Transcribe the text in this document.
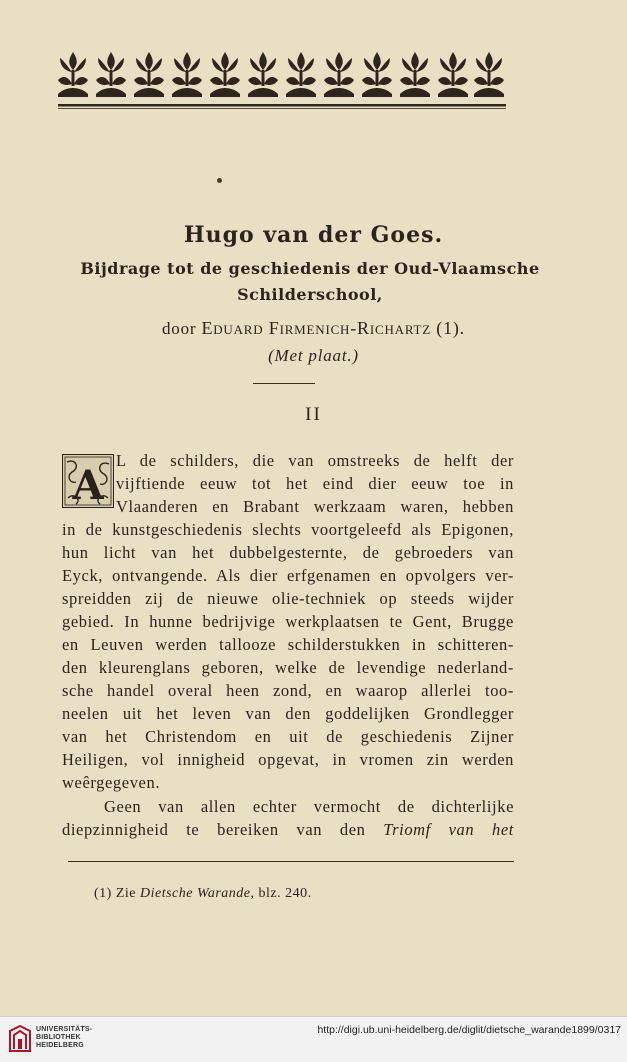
Hugo van der Goes.
Bijdrage tot de geschiedenis der Oud-Vlaamsche
Schilderschool,
door Eduard Firmenich-Richartz (1).
(Met plaat.)
II
A
L de schilders, die van omstreeks de helft der
vijftiende eeuw tot het eind dier eeuw toe in
Vlaanderen en Brabant werkzaam waren, hebben
in de kunstgeschiedenis slechts voortgeleefd als Epigonen,
hun licht van het dubbelgesternte, de gebroeders van
Eyck, ontvangende. Als dier erfgenamen en opvolgers ver-
spreidden zij de nieuwe olie-techniek op steeds wijder
gebied. In hunne bedrijvige werkplaatsen te Gent, Brugge
en Leuven werden tallooze schilderstukken in schitteren-
den kleurenglans geboren, welke de levendige nederland-
sche handel overal heen zond, en waarop allerlei too-
neelen uit het leven van den goddelijken Grondlegger
van het Christendom en uit de geschiedenis Zijner
Heiligen, vol innigheid opgevat, in vromen zin werden
weêrgegeven.
Geen van allen echter vermocht de dichterlijke
diepzinnigheid te bereiken van den Triomf van het
(1) Zie Dietsche Warande, blz. 240.
UNIVERSITÄTS-
BIBLIOTHEK
HEIDELBERG
http://digi.ub.uni-heidelberg.de/diglit/dietsche_warande1899/0317
